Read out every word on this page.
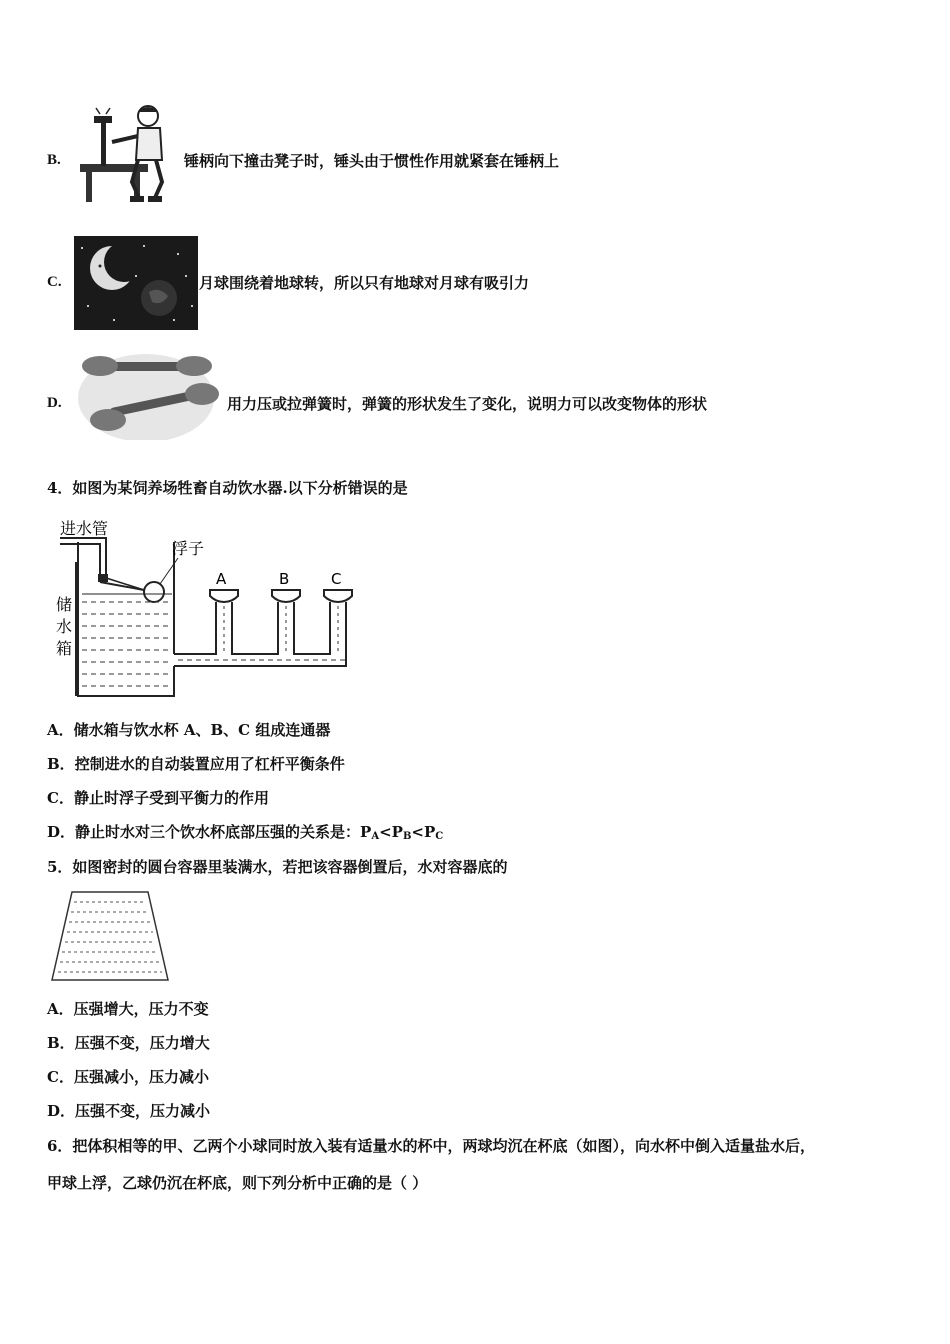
B.	锤柄向下撞击凳子时，锤头由于惯性作用就紧套在锤柄上
C.	月球围绕着地球转，所以只有地球对月球有吸引力
D.	用力压或拉弹簧时，弹簧的形状发生了变化，说明力可以改变物体的形状
4．如图为某饲养场牲畜自动饮水器.以下分析错误的是
进水管
浮子
储
水
箱
A	B	C
A．储水箱与饮水杯 A、B、C 组成连通器
B．控制进水的自动装置应用了杠杆平衡条件
C．静止时浮子受到平衡力的作用
D．静止时水对三个饮水杯底部压强的关系是：$P_A<P_B<P_C$
5．如图密封的圆台容器里装满水，若把该容器倒置后，水对容器底的
A．压强增大，压力不变
B．压强不变，压力增大
C．压强减小，压力减小
D．压强不变，压力减小
6．把体积相等的甲、乙两个小球同时放入装有适量水的杯中，两球均沉在杯底（如图），向水杯中倒入适量盐水后，
甲球上浮，乙球仍沉在杯底，则下列分析中正确的是（ ）
